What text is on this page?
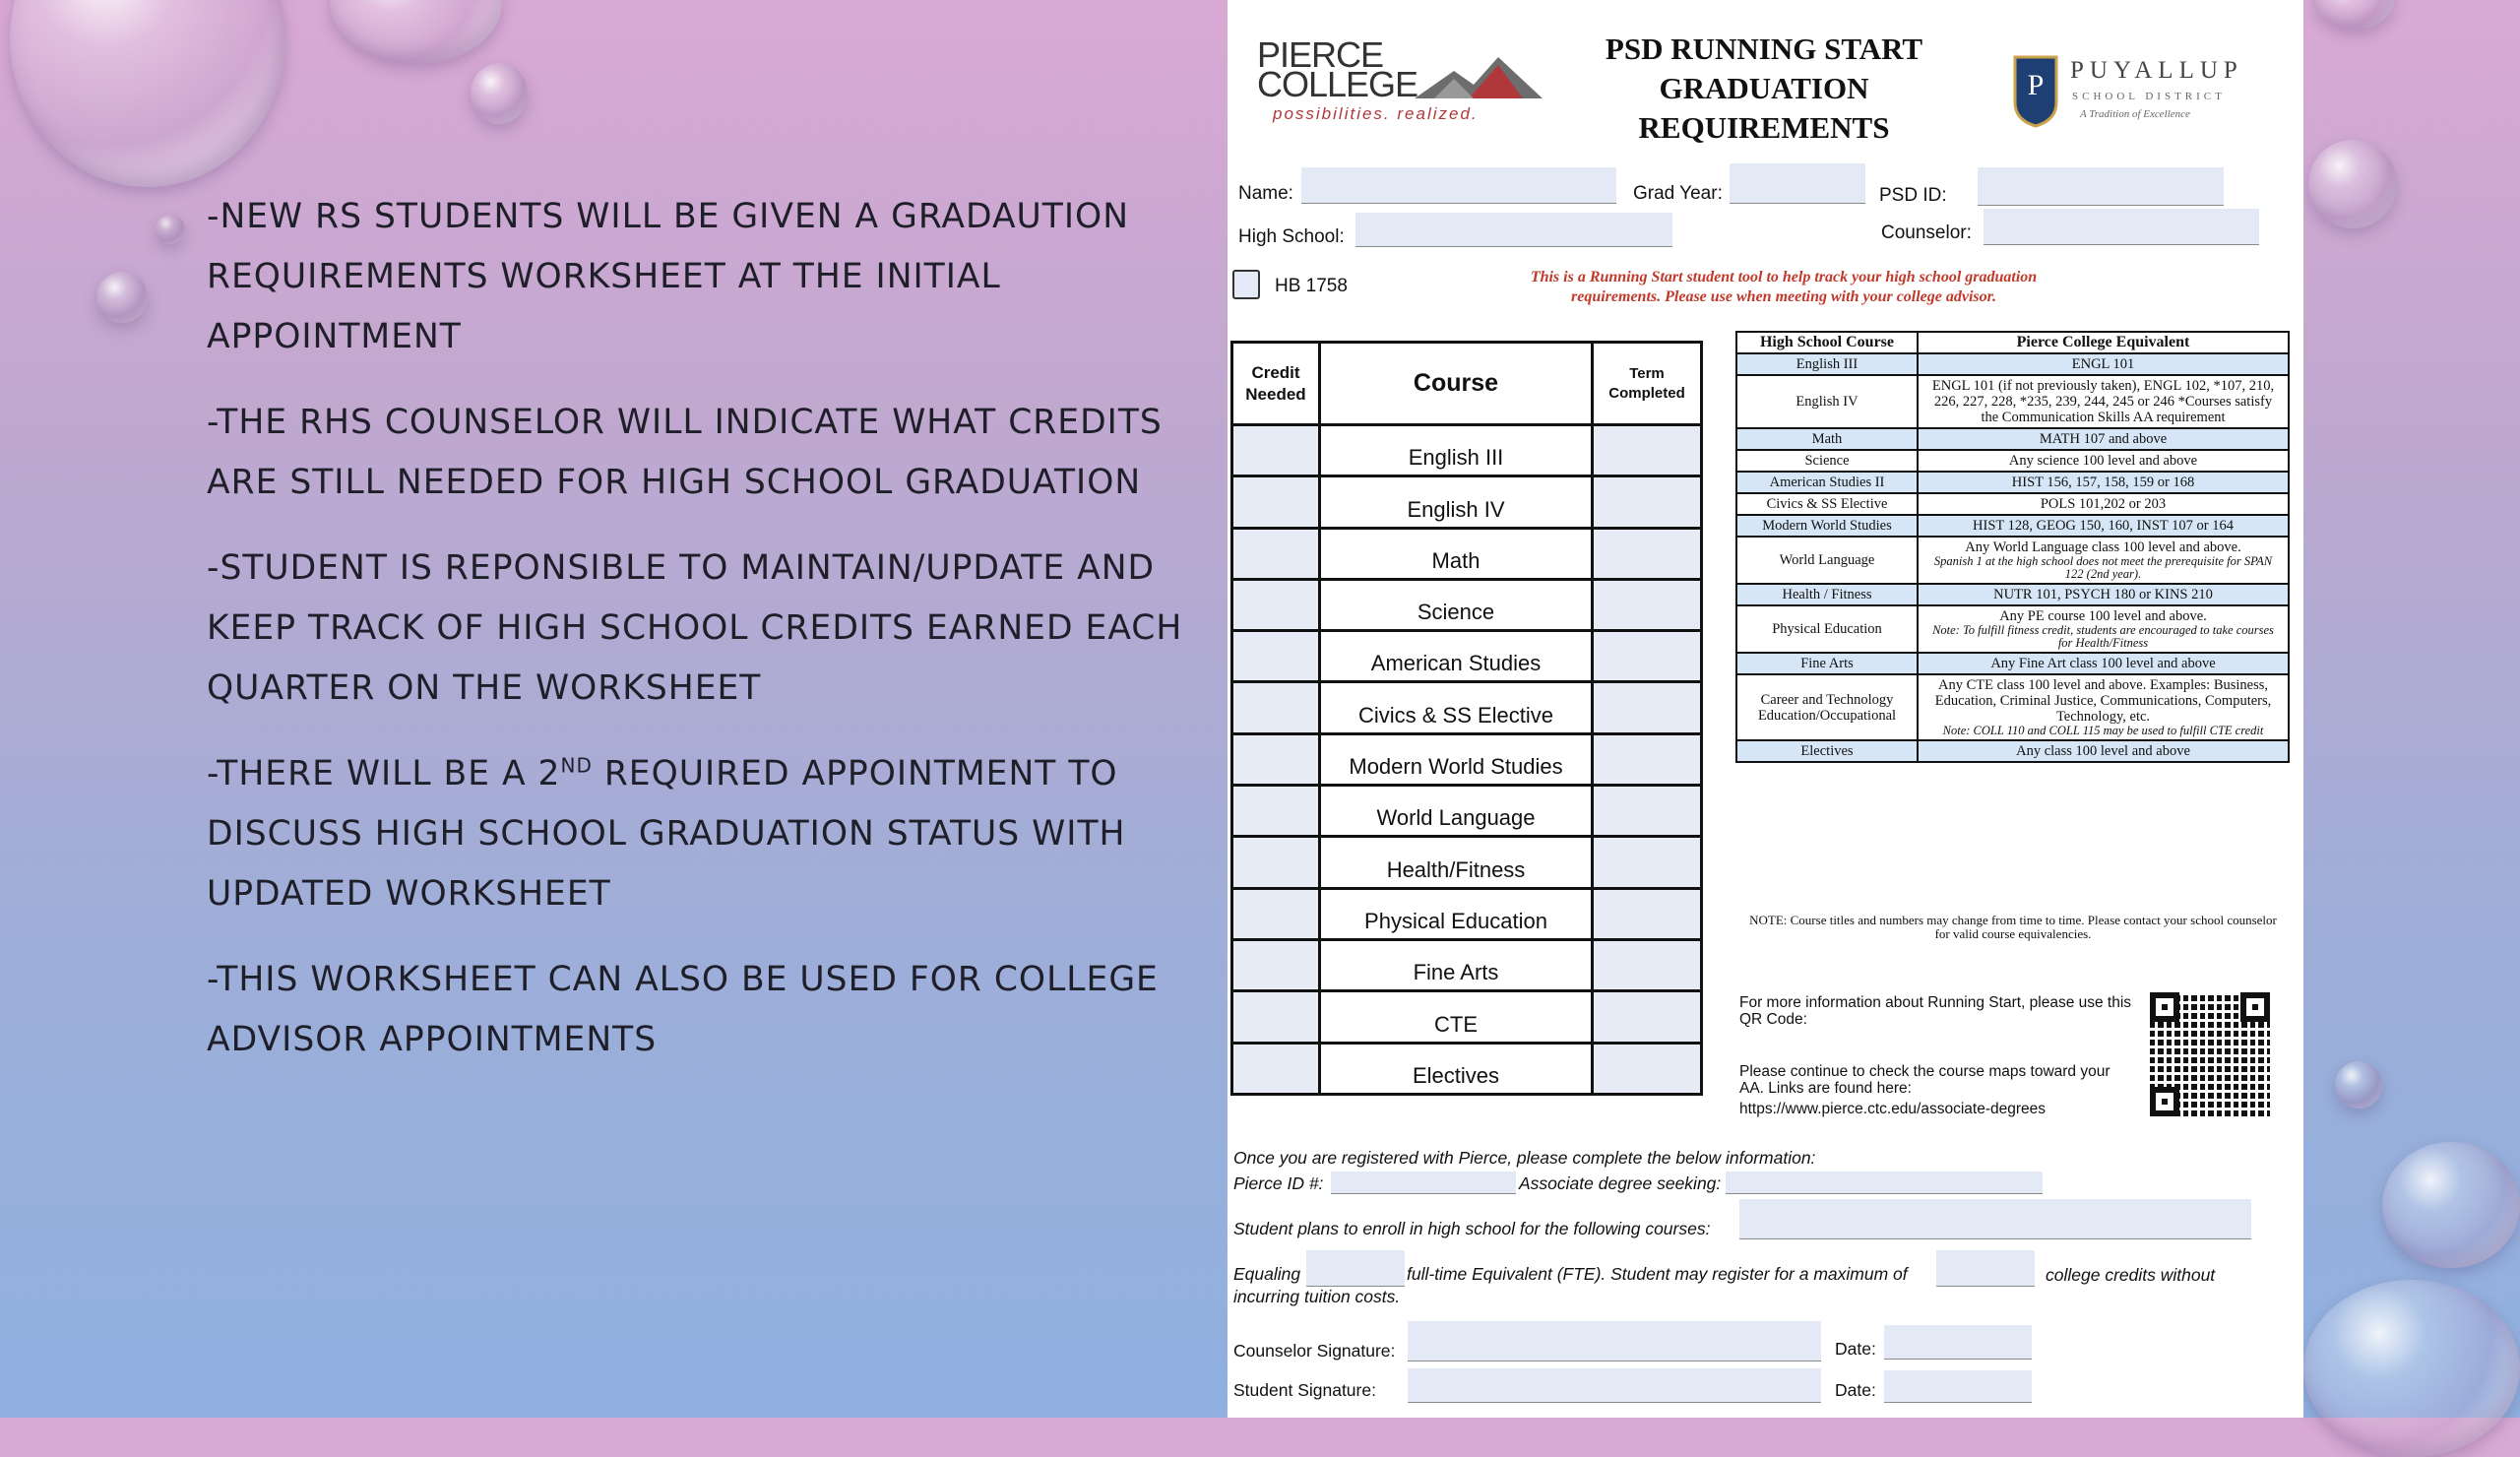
-NEW RS STUDENTS WILL BE GIVEN A GRADAUTION REQUIREMENTS WORKSHEET AT THE INITIAL APPOINTMENT

-THE RHS COUNSELOR WILL INDICATE WHAT CREDITS ARE STILL NEEDED FOR HIGH SCHOOL GRADUATION

-STUDENT IS REPONSIBLE TO MAINTAIN/UPDATE AND KEEP TRACK OF HIGH SCHOOL CREDITS EARNED EACH QUARTER ON THE WORKSHEET

-THERE WILL BE A 2ND REQUIRED APPOINTMENT TO DISCUSS HIGH SCHOOL GRADUATION STATUS WITH UPDATED WORKSHEET

-THIS WORKSHEET CAN ALSO BE USED FOR COLLEGE ADVISOR APPOINTMENTS

PIERCE
COLLEGE
possibilities. realized.
PSD RUNNING START
GRADUATION
REQUIREMENTS
P PUYALLUP
SCHOOL DISTRICT
A Tradition of Excellence
Name:	Grad Year:	PSD ID:
High School:	Counselor:
HB 1758	This is a Running Start student tool to help track your high school graduation requirements. Please use when meeting with your college advisor.
Credit Needed	Course	Term Completed
	English III	
	English IV	
	Math	
	Science	
	American Studies	
	Civics & SS Elective	
	Modern World Studies	
	World Language	
	Health/Fitness	
	Physical Education	
	Fine Arts	
	CTE	
	Electives	
High School Course	Pierce College Equivalent
English III	ENGL 101

English IV	ENGL 101 (if not previously taken), ENGL 102, *107, 210, 226, 227, 228, *235, 239, 244, 245 or 246 *Courses satisfy the Communication Skills AA requirement

Math	MATH 107 and above

Science	Any science 100 level and above

American Studies II	HIST 156, 157, 158, 159 or 168

Civics & SS Elective	POLS 101,202 or 203

Modern World Studies	HIST 128, GEOG 150, 160, INST 107 or 164

World Language	Any World Language class 100 level and above.
Spanish 1 at the high school does not meet the prerequisite for SPAN 122 (2nd year).

Health / Fitness	NUTR 101, PSYCH 180 or KINS 210

Physical Education	Any PE course 100 level and above.
Note: To fulfill fitness credit, students are encouraged to take courses for Health/Fitness

Fine Arts	Any Fine Art class 100 level and above

Career and Technology Education/Occupational	Any CTE class 100 level and above. Examples: Business, Education, Criminal Justice, Communications, Computers, Technology, etc.
Note: COLL 110 and COLL 115 may be used to fulfill CTE credit

Electives	Any class 100 level and above
NOTE: Course titles and numbers may change from time to time. Please contact your school counselor for valid course equivalencies.
For more information about Running Start, please use this QR Code:
Please continue to check the course maps toward your AA. Links are found here:
https://www.pierce.ctc.edu/associate-degrees
Once you are registered with Pierce, please complete the below information:
Pierce ID #:	Associate degree seeking:
Student plans to enroll in high school for the following courses:
Equaling	full-time Equivalent (FTE). Student may register for a maximum of	college credits without incurring tuition costs.
Counselor Signature:	Date:
Student Signature:	Date:
